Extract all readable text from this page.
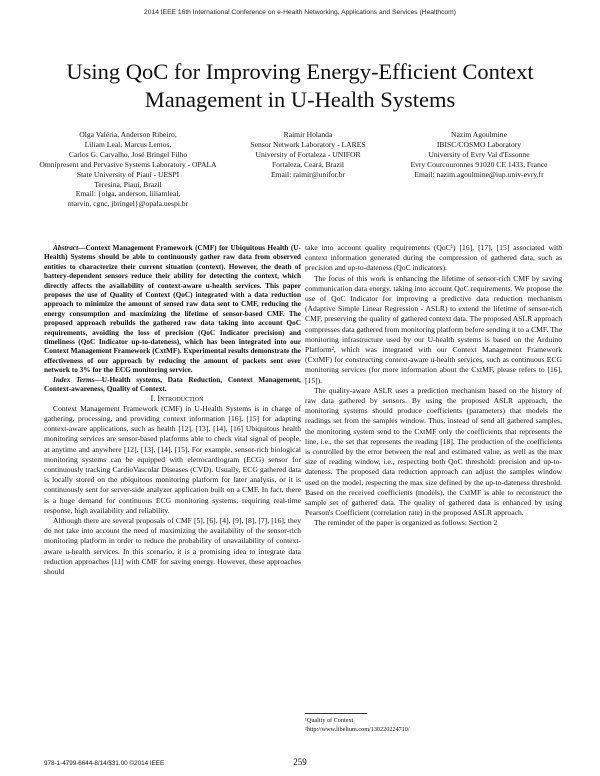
2014 IEEE 16th International Conference on e-Health Networking, Applications and Services (Healthcom)
Using QoC for Improving Energy-Efficient Context
Management in U-Health Systems
Olga Valéria, Anderson Ribeiro,
Liliam Leal, Marcus Lemos,
Carlos G. Carvalho, José Bringel Filho
Omnipresent and Pervasive Systems Laboratory - OPALA
State University of Piauí - UESPI
Teresina, Piauí, Brazil
Email: {olga, anderson, liliamleal,
marvin, cgnc, jbringel}@opala.uespi.br
Raimir Holanda
Sensor Network Laboratory - LARES
University of Fortaleza - UNIFOR
Fortaleza, Ceará, Brazil
Email: raimir@unifor.br
Nazim Agoulmine
IBISC/COSMO Laboratory
University of Evry Val d'Essonne
Evry Courcouronnes 91020 CE 1433, France
Email: nazim.agoulmine@iup.univ-evry.fr

Abstract—Context Management Framework (CMF) for Ubiquitous Health (U-Health) Systems should be able to continuously gather raw data from observed entities to characterize their current situation (context). However, the death of battery-dependent sensors reduce their ability for detecting the context, which directly affects the availability of context-aware u-health services. This paper proposes the use of Quality of Context (QoC) integrated with a data reduction approach to minimize the amount of sensed raw data sent to CMF, reducing the energy consumption and maximizing the lifetime of sensor-based CMF. The proposed approach rebuilds the gathered raw data taking into account QoC requirements, avoiding the loss of precision (QoC Indicator precision) and timeliness (QoC Indicator up-to-dateness), which has been integrated into our Context Management Framework (CxtMF). Experimental results demonstrate the effectiveness of our approach by reducing the amount of packets sent over network to 3% for the ECG monitoring service.

Index Terms—U-Health systems, Data Reduction, Context Management, Context-awareness, Quality of Context.

I. Introduction

Context Management Framework (CMF) in U-Health Systems is in charge of gathering, processing, and providing context information [16], [15] for adapting context-aware applications, such as health [12], [13], [14], [16] Ubiquitous health monitoring services are sensor-based platforms able to check vital signal of people, at anytime and anywhere [12], [13], [14], [15]. For example, sensor-rich biological monitoring systems can be equipped with eletrocardiogram (ECG) sensor for continuously tracking CardioVascular Diseases (CVD). Usually, ECG gathered data is locally stored on the ubiquitous monitoring platform for later analysis, or it is continuously sent for server-side analyzer application built on a CMF. In fact, there is a huge demand for continuous ECG monitoring systems, requiring real-time response, high availability and reliability.

Although there are several proposals of CMF [5], [6], [4], [9], [8], [7], [16], they do not take into account the need of maximizing the availability of the sensor-rich monitoring platform in order to reduce the probability of unavailability of context-aware u-health services. In this scenario, it is a promising idea to integrate data reduction approaches [11] with CMF for saving energy. However, these approaches should

take into account quality requirements (QoC¹) [16], [17], [15] associated with context information generated during the compression of gathered data, such as precision and up-to-dateness (QoC indicators).

The focus of this work is enhancing the lifetime of sensor-rich CMF by saving communication data energy, taking into account QoC requirements. We propose the use of QoC Indicator for improving a predictive data reduction mechanism (Adaptive Simple Linear Regression - ASLR) to extend the lifetime of sensor-rich CMF, preserving the quality of gathered context data. The proposed ASLR approach compresses data gathered from monitoring platform before sending it to a CMF. The monitoring infrastructure used by our U-health systems is based on the Arduino Platform², which was integrated with our Context Management Framework (CxtMF) for constructing context-aware u-health services, such as continuous ECG monitoring services (for more information about the CxtMF, please refers to [16], [15]).

The quality-aware ASLR uses a prediction mechanism based on the history of raw data gathered by sensors. By using the proposed ASLR approach, the monitoring systems should produce coefficients (parameters) that models the readings set from the samples window. Thus, instead of send all gathered samples, the monitoring system send to the CxtMF only the coefficients that represents the line, i.e., the set that represents the reading [18]. The production of the coefficients is controlled by the error between the real and estimated value, as well as the max size of reading window, i.e., respecting both QoC threshold: precision and up-to-dateness. The proposed data reduction approach can adjust the samples window used on the model, respecting the max size defined by the up-to-dateness threshold. Based on the received coefficients (models), the CxtMF is able to reconstruct the sample set of gathered data. The quality of gathered data is enhanced by using Pearson's Coefficient (correlation rate) in the proposed ASLR approach.

The reminder of the paper is organized as follows: Section 2

¹Quality of Context
²http://www.libelium.com/130220224710/
978-1-4799-6644-8/14/$31.00 ©2014 IEEE	259
